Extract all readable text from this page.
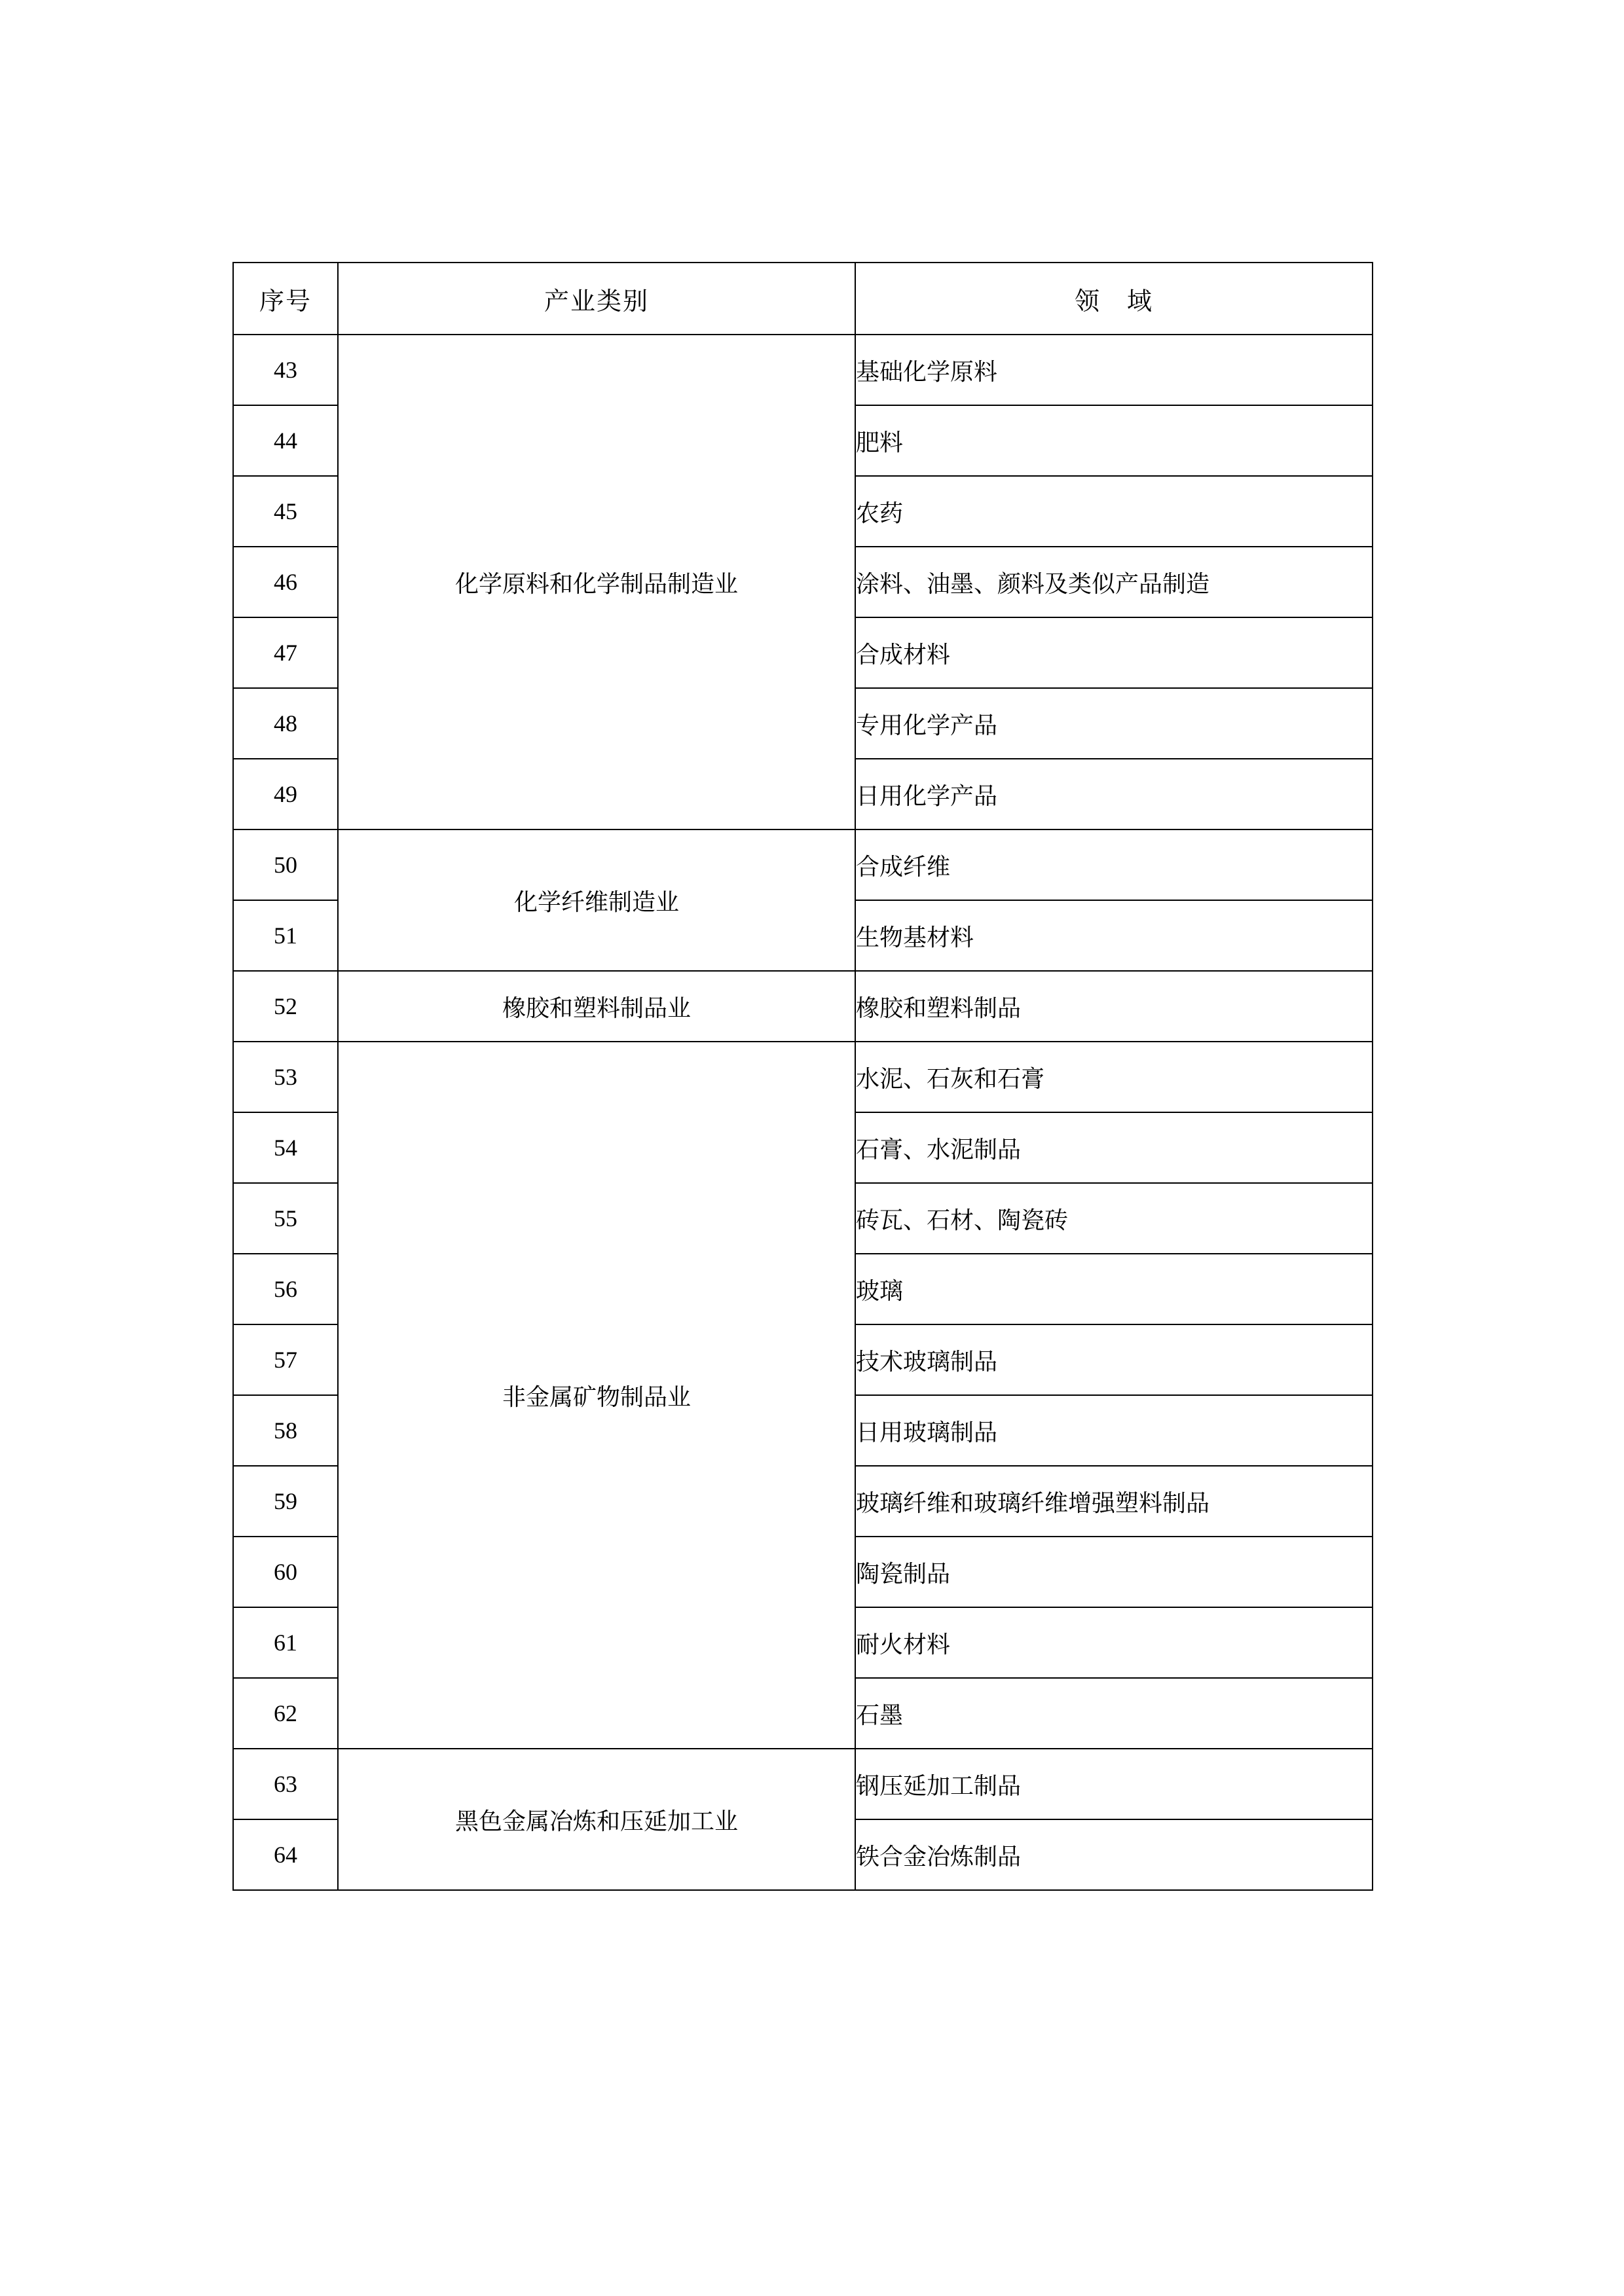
序号	产业类别	领　域
43	化学原料和化学制品制造业	基础化学原料
44		肥料
45		农药
46		涂料、油墨、颜料及类似产品制造
47		合成材料
48		专用化学产品
49		日用化学产品
50	化学纤维制造业	合成纤维
51		生物基材料
52	橡胶和塑料制品业	橡胶和塑料制品
53	非金属矿物制品业	水泥、石灰和石膏
54		石膏、水泥制品
55		砖瓦、石材、陶瓷砖
56		玻璃
57		技术玻璃制品
58		日用玻璃制品
59		玻璃纤维和玻璃纤维增强塑料制品
60		陶瓷制品
61		耐火材料
62		石墨
63	黑色金属冶炼和压延加工业	钢压延加工制品
64		铁合金冶炼制品
